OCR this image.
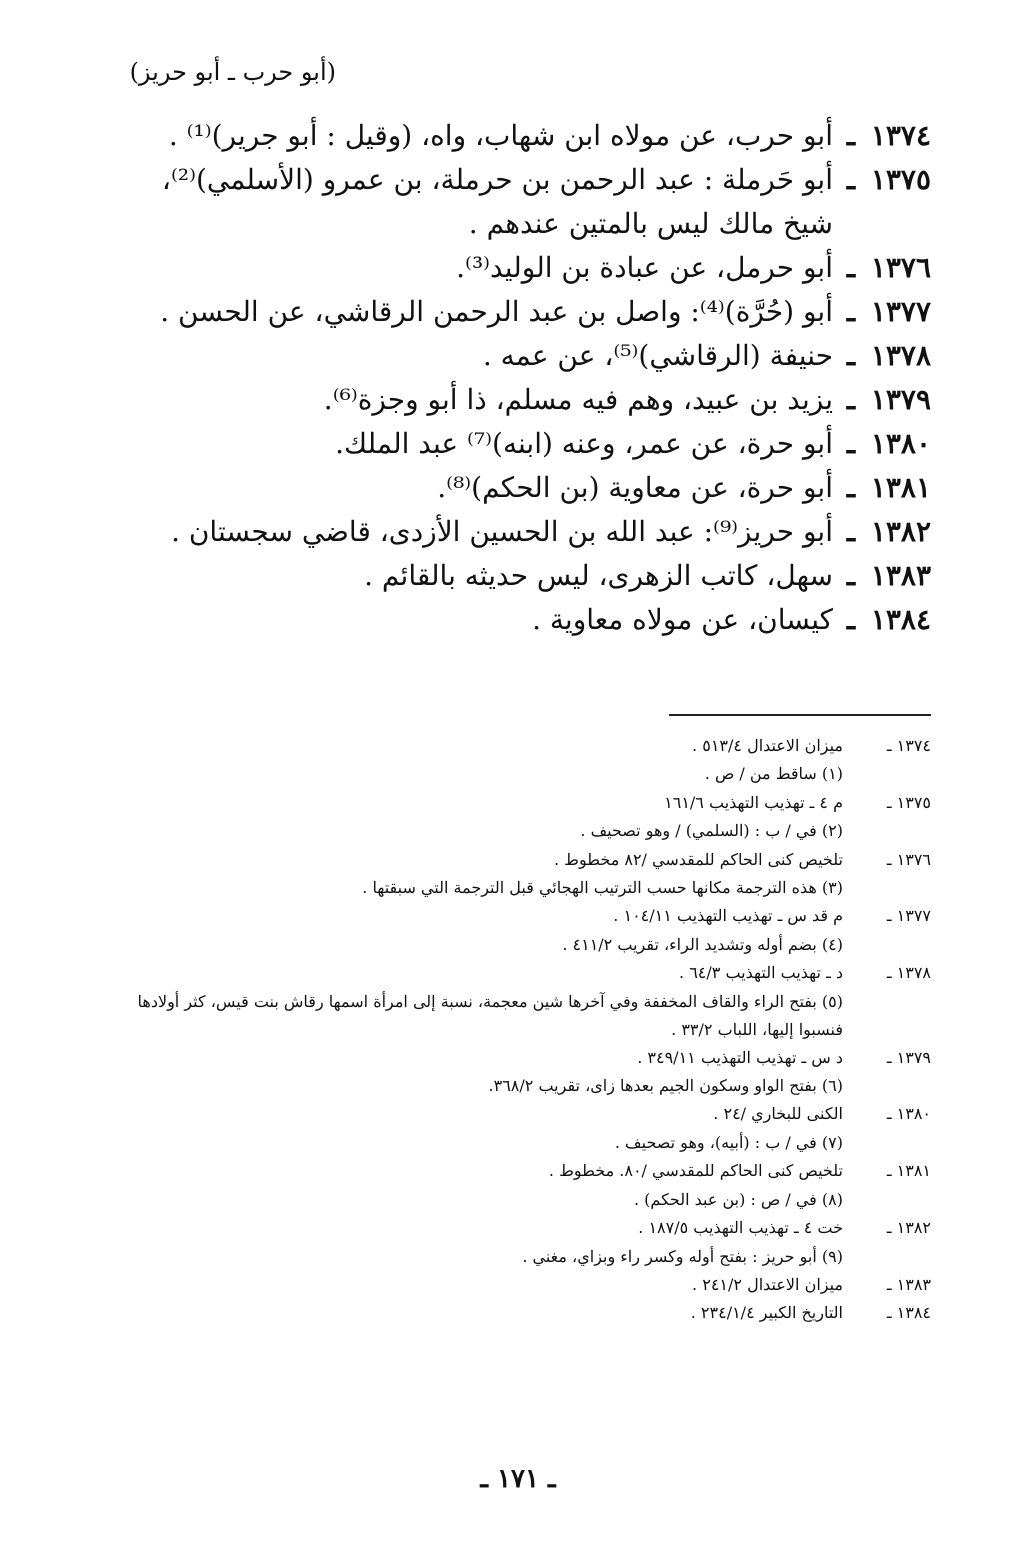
(أبو حرب ـ أبو حريز)
١٣٧٤ ـ
أبو حرب، عن مولاه ابن شهاب، واه، (وقيل : أبو جرير)⁽¹⁾ .
١٣٧٥ ـ
أبو حَرملة : عبد الرحمن بن حرملة، بن عمرو (الأسلمي)⁽²⁾، شيخ مالك ليس بالمتين عندهم .
١٣٧٦ ـ
أبو حرمل، عن عبادة بن الوليد⁽³⁾.
١٣٧٧ ـ
أبو (حُرَّة)⁽⁴⁾: واصل بن عبد الرحمن الرقاشي، عن الحسن .
١٣٧٨ ـ
حنيفة (الرقاشي)⁽⁵⁾، عن عمه .
١٣٧٩ ـ
يزيد بن عبيد، وهم فيه مسلم، ذا أبو وجزة⁽⁶⁾.
١٣٨٠ ـ
أبو حرة، عن عمر، وعنه (ابنه)⁽⁷⁾ عبد الملك.
١٣٨١ ـ
أبو حرة، عن معاوية (بن الحكم)⁽⁸⁾.
١٣٨٢ ـ
أبو حريز⁽⁹⁾: عبد الله بن الحسين الأزدى، قاضي سجستان .
١٣٨٣ ـ
سهل، كاتب الزهرى، ليس حديثه بالقائم .
١٣٨٤ ـ
كيسان، عن مولاه معاوية .
١٣٧٤ ـ
ميزان الاعتدال ٥١٣/٤ .
(١) ساقط من / ص .
١٣٧٥ ـ
م ٤ ـ تهذيب التهذيب ١٦١/٦
(٢) في / ب : (السلمي) / وهو تصحيف .
١٣٧٦ ـ
تلخيص كنى الحاكم للمقدسي /٨٢ مخطوط .
(٣) هذه الترجمة مكانها حسب الترتيب الهجائي قبل الترجمة التي سبقتها .
١٣٧٧ ـ
م قد س ـ تهذيب التهذيب ١٠٤/١١ .
(٤) بضم أوله وتشديد الراء، تقريب ٤١١/٢ .
١٣٧٨ ـ
د ـ تهذيب التهذيب ٦٤/٣ .
(٥) بفتح الراء والقاف المخففة وفي آخرها شين معجمة، نسبة إلى امرأة اسمها رقاش بنت قيس، كثر أولادها فنسبوا إليها، اللباب ٣٣/٢ .
١٣٧٩ ـ
د س ـ تهذيب التهذيب ٣٤٩/١١ .
(٦) بفتح الواو وسكون الجيم بعدها زاى، تقريب ٣٦٨/٢.
١٣٨٠ ـ
الكنى للبخاري /٢٤ .
(٧) في / ب : (أبيه)، وهو تصحيف .
١٣٨١ ـ
تلخيص كنى الحاكم للمقدسي /٨٠. مخطوط .
(٨) في / ص : (بن عبد الحكم) .
١٣٨٢ ـ
خت ٤ ـ تهذيب التهذيب ١٨٧/٥ .
(٩) أبو حريز : بفتح أوله وكسر راء وبزاي، مغني .
١٣٨٣ ـ
ميزان الاعتدال ٢٤١/٢ .
١٣٨٤ ـ
التاريخ الكبير ٢٣٤/١/٤ .
ـ ١٧١ ـ
